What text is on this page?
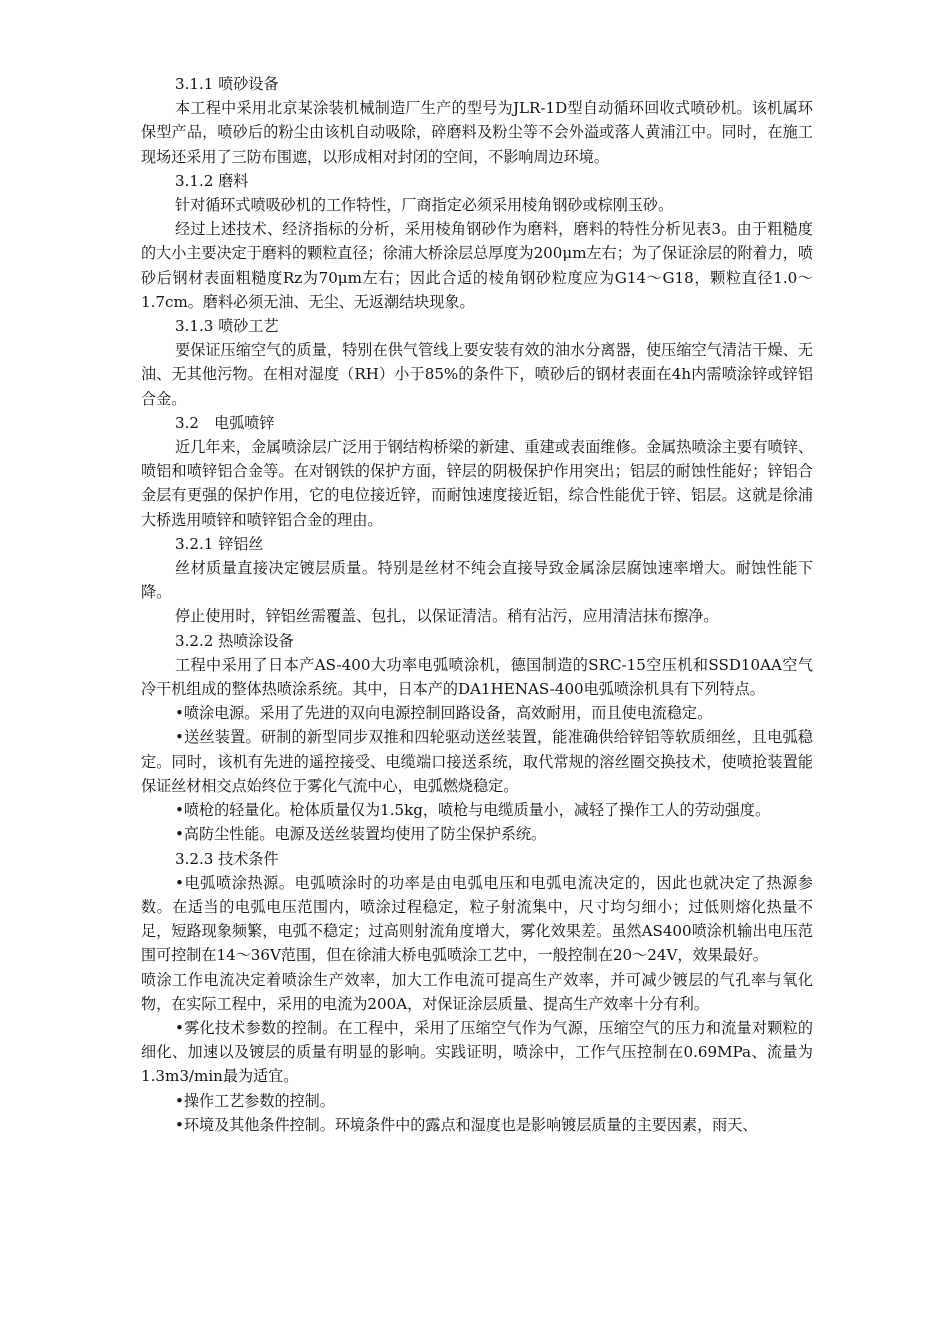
3.1.1 喷砂设备

本工程中采用北京某涂装机械制造厂生产的型号为JLR-1D型自动循环回收式喷砂机。该机属环保型产品，喷砂后的粉尘由该机自动吸除，碎磨料及粉尘等不会外溢或落人黄浦江中。同时，在施工现场还采用了三防布围遮，以形成相对封闭的空间，不影响周边环境。

3.1.2 磨料

针对循环式喷吸砂机的工作特性，厂商指定必须采用棱角钢砂或棕刚玉砂。

经过上述技术、经济指标的分析，采用棱角钢砂作为磨料，磨料的特性分析见表3。由于粗糙度的大小主要决定于磨料的颗粒直径；徐浦大桥涂层总厚度为200μm左右；为了保证涂层的附着力，喷砂后钢材表面粗糙度Rz为70μm左右；因此合适的棱角钢砂粒度应为G14～G18，颗粒直径1.0～1.7cm。磨料必须无油、无尘、无返潮结块现象。

3.1.3 喷砂工艺

要保证压缩空气的质量，特别在供气管线上要安装有效的油水分离器，使压缩空气清洁干燥、无油、无其他污物。在相对湿度（RH）小于85%的条件下，喷砂后的钢材表面在4h内需喷涂锌或锌铝合金。

3.2　电弧喷锌

近几年来，金属喷涂层广泛用于钢结构桥梁的新建、重建或表面维修。金属热喷涂主要有喷锌、喷铝和喷锌铝合金等。在对钢铁的保护方面，锌层的阴极保护作用突出；铝层的耐蚀性能好；锌铝合金层有更强的保护作用，它的电位接近锌，而耐蚀速度接近铝，综合性能优于锌、铝层。这就是徐浦大桥选用喷锌和喷锌铝合金的理由。

3.2.1 锌铝丝

丝材质量直接决定镀层质量。特别是丝材不纯会直接导致金属涂层腐蚀速率增大。耐蚀性能下降。

停止使用时，锌铝丝需覆盖、包扎，以保证清洁。稍有沾污，应用清洁抹布擦净。

3.2.2 热喷涂设备

工程中采用了日本产AS-400大功率电弧喷涂机，德国制造的SRC-15空压机和SSD10AA空气冷干机组成的整体热喷涂系统。其中，日本产的DA1HENAS-400电弧喷涂机具有下列特点。

•喷涂电源。采用了先进的双向电源控制回路设备，高效耐用，而且使电流稳定。

•送丝装置。研制的新型同步双推和四轮驱动送丝装置，能准确供给锌铝等软质细丝，且电弧稳定。同时，该机有先进的遥控接受、电缆端口接送系统，取代常规的溶丝圈交换技术，使喷抢装置能保证丝材相交点始终位于雾化气流中心，电弧燃烧稳定。

•喷枪的轻量化。枪体质量仅为1.5kg，喷枪与电缆质量小，减轻了操作工人的劳动强度。

•高防尘性能。电源及送丝装置均使用了防尘保护系统。

3.2.3 技术条件

•电弧喷涂热源。电弧喷涂时的功率是由电弧电压和电弧电流决定的，因此也就决定了热源参数。在适当的电弧电压范围内，喷涂过程稳定，粒子射流集中，尺寸均匀细小；过低则熔化热量不足，短路现象频繁，电弧不稳定；过高则射流角度增大，雾化效果差。虽然AS400喷涂机输出电压范围可控制在14～36V范围，但在徐浦大桥电弧喷涂工艺中，一般控制在20～24V，效果最好。

喷涂工作电流决定着喷涂生产效率，加大工作电流可提高生产效率，并可减少镀层的气孔率与氧化物，在实际工程中，采用的电流为200A，对保证涂层质量、提高生产效率十分有利。

•雾化技术参数的控制。在工程中，采用了压缩空气作为气源，压缩空气的压力和流量对颗粒的细化、加速以及镀层的质量有明显的影响。实践证明，喷涂中，工作气压控制在0.69MPa、流量为1.3m3/min最为适宜。

•操作工艺参数的控制。

•环境及其他条件控制。环境条件中的露点和湿度也是影响镀层质量的主要因素，雨天、
